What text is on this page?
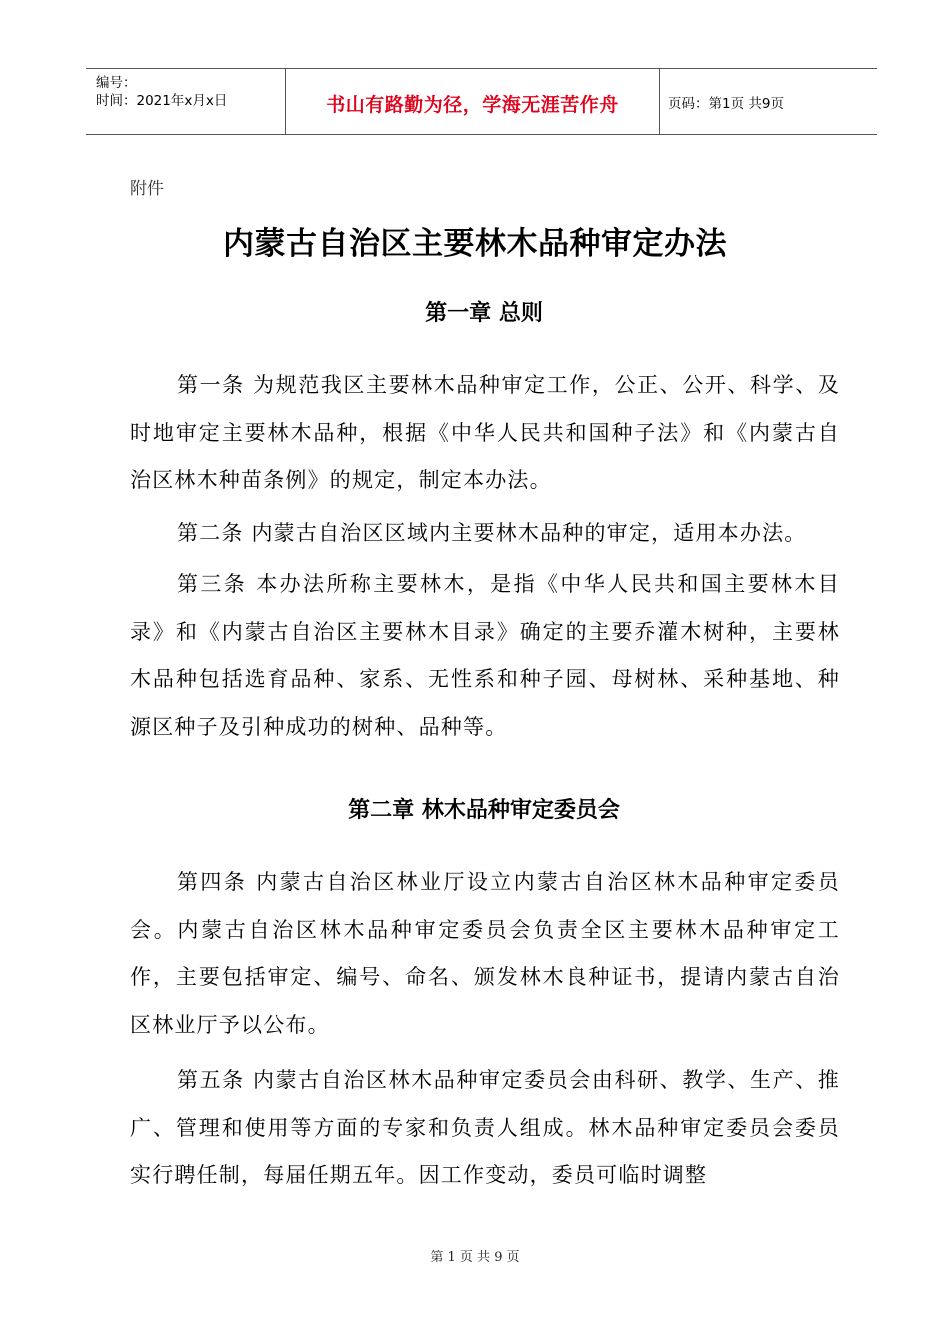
编号：
时间：2021年x月x日	书山有路勤为径，学海无涯苦作舟	页码：第1页 共9页
附件
内蒙古自治区主要林木品种审定办法
第一章 总则
第一条 为规范我区主要林木品种审定工作，公正、公开、科学、及时地审定主要林木品种，根据《中华人民共和国种子法》和《内蒙古自治区林木种苗条例》的规定，制定本办法。
第二条 内蒙古自治区区域内主要林木品种的审定，适用本办法。
第三条 本办法所称主要林木，是指《中华人民共和国主要林木目录》和《内蒙古自治区主要林木目录》确定的主要乔灌木树种，主要林木品种包括选育品种、家系、无性系和种子园、母树林、采种基地、种源区种子及引种成功的树种、品种等。
第二章 林木品种审定委员会
第四条 内蒙古自治区林业厅设立内蒙古自治区林木品种审定委员会。内蒙古自治区林木品种审定委员会负责全区主要林木品种审定工作，主要包括审定、编号、命名、颁发林木良种证书，提请内蒙古自治区林业厅予以公布。
第五条 内蒙古自治区林木品种审定委员会由科研、教学、生产、推广、管理和使用等方面的专家和负责人组成。林木品种审定委员会委员实行聘任制，每届任期五年。因工作变动，委员可临时调整
第 1 页 共 9 页
